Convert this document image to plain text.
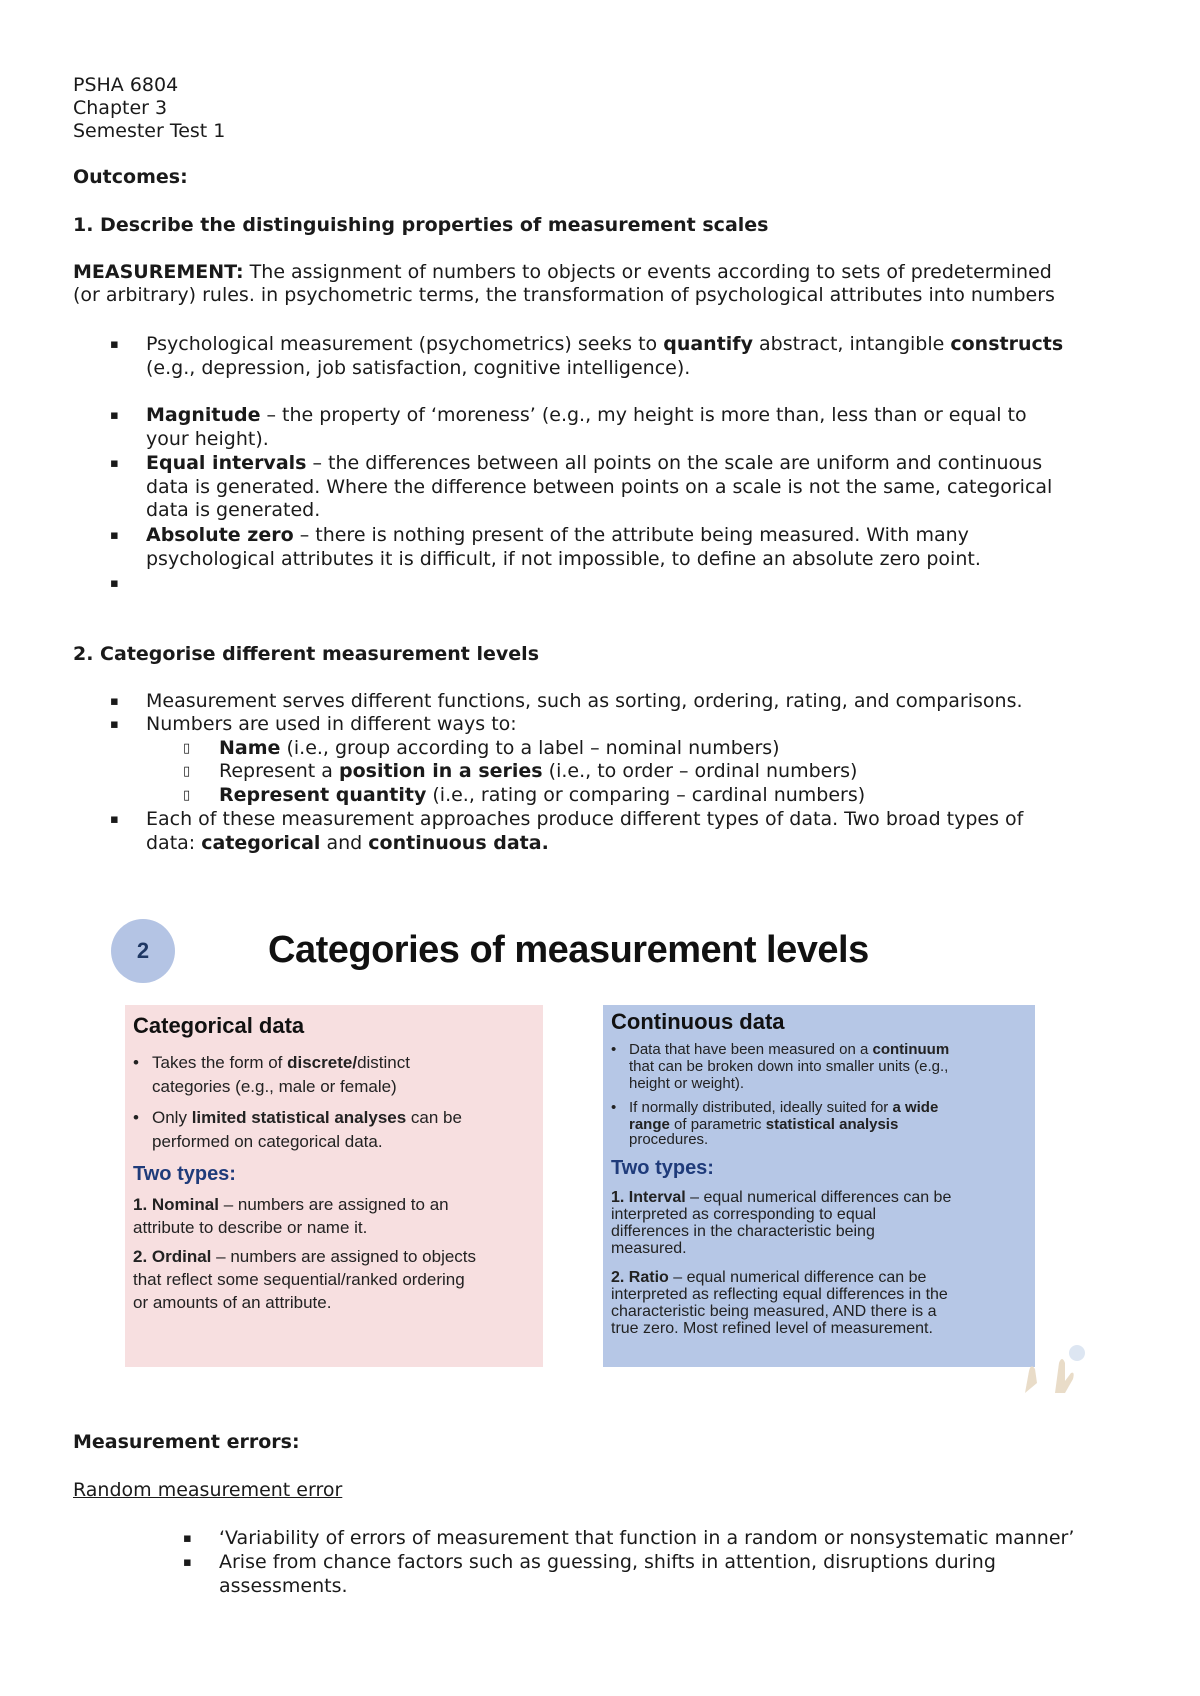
PSHA 6804

Chapter 3

Semester Test 1

Outcomes:

1. Describe the distinguishing properties of measurement scales

MEASUREMENT: The assignment of numbers to objects or events according to sets of predetermined

(or arbitrary) rules. in psychometric terms, the transformation of psychological attributes into numbers

▪ Psychological measurement (psychometrics) seeks to quantify abstract, intangible constructs
(e.g., depression, job satisfaction, cognitive intelligence).
▪ Magnitude – the property of ‘moreness’ (e.g., my height is more than, less than or equal to
your height).
▪ Equal intervals – the differences between all points on the scale are uniform and continuous
data is generated. Where the difference between points on a scale is not the same, categorical
data is generated.
▪ Absolute zero – there is nothing present of the attribute being measured. With many
psychological attributes it is difficult, if not impossible, to define an absolute zero point.
▪

2. Categorise different measurement levels

▪ Measurement serves different functions, such as sorting, ordering, rating, and comparisons.
▪ Numbers are used in different ways to:
▯	Name (i.e., group according to a label – nominal numbers)
▯	Represent a position in a series (i.e., to order – ordinal numbers)
▯	Represent quantity (i.e., rating or comparing – cardinal numbers)
▪ Each of these measurement approaches produce different types of data. Two broad types of
data: categorical and continuous data.
2	Categories of measurement levels
Categorical data
• Takes the form of discrete/distinct
categories (e.g., male or female)
• Only limited statistical analyses can be
performed on categorical data.
Two types:
1. Nominal – numbers are assigned to an
attribute to describe or name it.
2. Ordinal – numbers are assigned to objects
that reflect some sequential/ranked ordering
or amounts of an attribute.
Continuous data
• Data that have been measured on a continuum
that can be broken down into smaller units (e.g.,
height or weight).
• If normally distributed, ideally suited for a wide
range of parametric statistical analysis
procedures.
Two types:
1. Interval – equal numerical differences can be
interpreted as corresponding to equal
differences in the characteristic being
measured.
2. Ratio – equal numerical difference can be
interpreted as reflecting equal differences in the
characteristic being measured, AND there is a
true zero. Most refined level of measurement.

Measurement errors:

Random measurement error

▪ ‘Variability of errors of measurement that function in a random or nonsystematic manner’
▪ Arise from chance factors such as guessing, shifts in attention, disruptions during
assessments.
